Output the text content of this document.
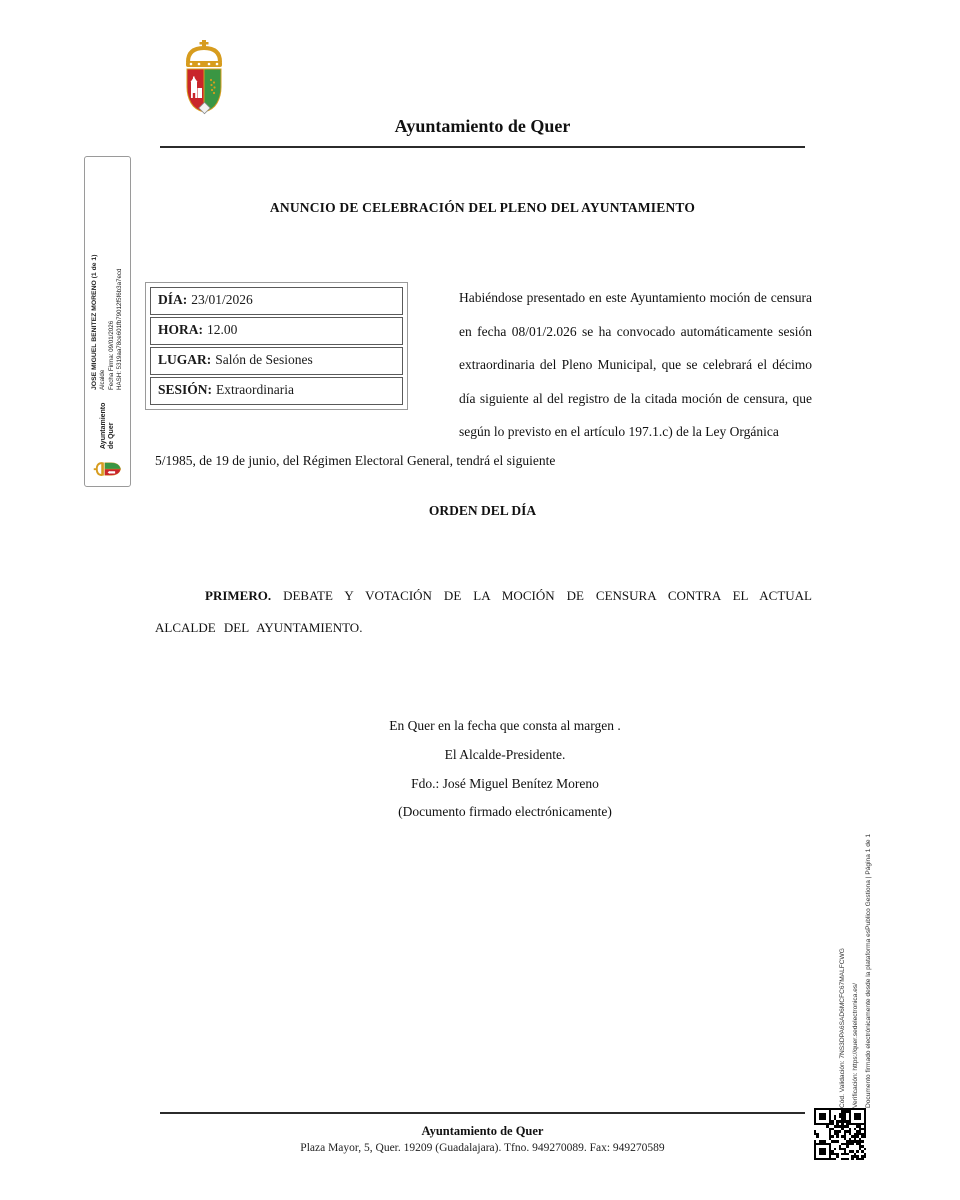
Ayuntamiento de Quer
ANUNCIO DE CELEBRACIÓN DEL PLENO DEL AYUNTAMIENTO
DÍA: 23/01/2026
HORA: 12.00
LUGAR: Salón de Sesiones
SESIÓN: Extraordinaria
Habiéndose presentado en este Ayuntamiento moción de censura en fecha 08/01/2.026 se ha convocado automáticamente sesión extraordinaria del Pleno Municipal, que se celebrará el décimo día siguiente al del registro de la citada moción de censura, que según lo previsto en el artículo 197.1.c) de la Ley Orgánica
5/1985, de 19 de junio, del Régimen Electoral General, tendrá el siguiente
ORDEN DEL DÍA
PRIMERO. DEBATE Y VOTACIÓN DE LA MOCIÓN DE CENSURA CONTRA EL ACTUAL ALCALDE DEL AYUNTAMIENTO.
En Quer en la fecha que consta al margen .
El Alcalde-Presidente.
Fdo.: José Miguel Benítez Moreno
(Documento firmado electrónicamente)
Ayuntamiento de Quer
JOSE MIGUEL BENITEZ MORENO (1 de 1) Alcalde Fecha Firma: 09/01/2026 HASH: 5319aa78ce601fb79012f5f6b3a7ecd
Cód. Validación: 7NS3DPA6SAD6MCFC67MALFCWG Verificación: https://quer.sedelectronica.es/ Documento firmado electrónicamente desde la plataforma esPublico Gestiona | Página 1 de 1
Ayuntamiento de Quer
Plaza Mayor, 5, Quer. 19209 (Guadalajara). Tfno. 949270089. Fax: 949270589
